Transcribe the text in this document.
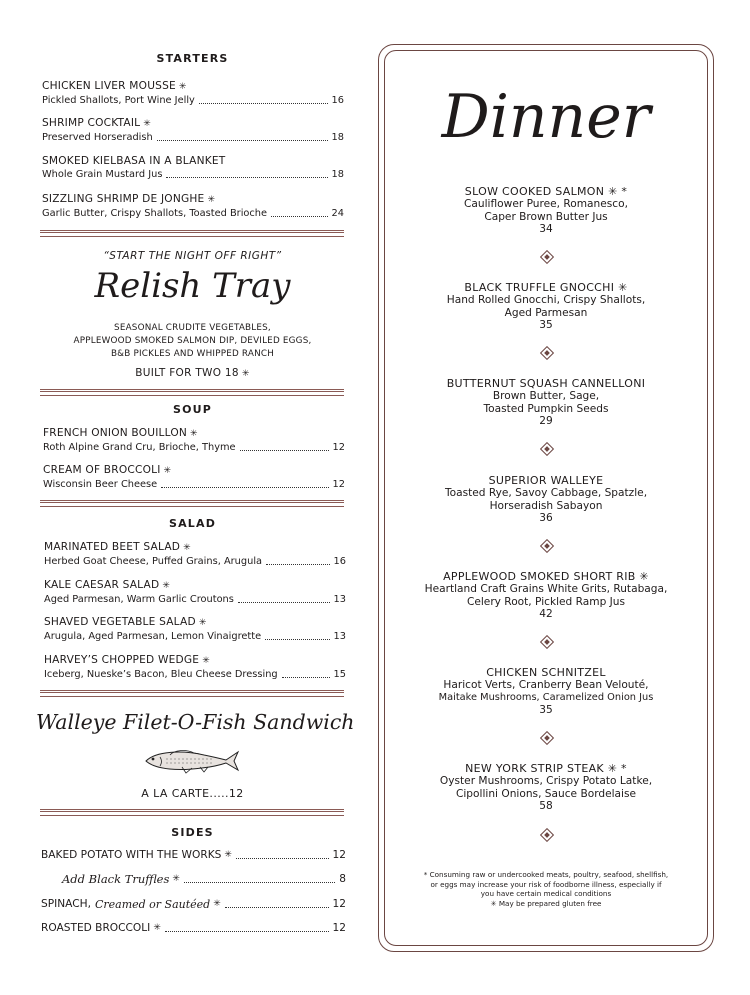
STARTERS
CHICKEN LIVER MOUSSE ✳
Pickled Shallots, Port Wine Jelly	16
SHRIMP COCKTAIL ✳
Preserved Horseradish	18
SMOKED KIELBASA IN A BLANKET
Whole Grain Mustard Jus	18
SIZZLING SHRIMP DE JONGHE ✳
Garlic Butter, Crispy Shallots, Toasted Brioche	24
“START THE NIGHT OFF RIGHT”
Relish Tray
SEASONAL CRUDITE VEGETABLES,
APPLEWOOD SMOKED SALMON DIP, DEVILED EGGS,
B&B PICKLES AND WHIPPED RANCH
BUILT FOR TWO 18 ✳
SOUP
FRENCH ONION BOUILLON ✳
Roth Alpine Grand Cru, Brioche, Thyme	12
CREAM OF BROCCOLI ✳
Wisconsin Beer Cheese	12
SALAD
MARINATED BEET SALAD ✳
Herbed Goat Cheese, Puffed Grains, Arugula	16
KALE CAESAR SALAD ✳
Aged Parmesan, Warm Garlic Croutons	13
SHAVED VEGETABLE SALAD ✳
Arugula, Aged Parmesan, Lemon Vinaigrette	13
HARVEY’S CHOPPED WEDGE ✳
Iceberg, Nueske’s Bacon, Bleu Cheese Dressing	15
Walleye Filet-O-Fish Sandwich
A LA CARTE.....12
SIDES
BAKED POTATO WITH THE WORKS ✳	12
Add Black Truffles ✳	8
SPINACH, Creamed or Sautéed ✳	12
ROASTED BROCCOLI ✳	12
Dinner
SLOW COOKED SALMON ✳ *
Cauliflower Puree, Romanesco,
Caper Brown Butter Jus
34
BLACK TRUFFLE GNOCCHI ✳
Hand Rolled Gnocchi, Crispy Shallots,
Aged Parmesan
35
BUTTERNUT SQUASH CANNELLONI
Brown Butter, Sage,
Toasted Pumpkin Seeds
29
SUPERIOR WALLEYE
Toasted Rye, Savoy Cabbage, Spatzle,
Horseradish Sabayon
36
APPLEWOOD SMOKED SHORT RIB ✳
Heartland Craft Grains White Grits, Rutabaga,
Celery Root, Pickled Ramp Jus
42
CHICKEN SCHNITZEL
Haricot Verts, Cranberry Bean Velouté,
Maitake Mushrooms, Caramelized Onion Jus
35
NEW YORK STRIP STEAK ✳ *
Oyster Mushrooms, Crispy Potato Latke,
Cipollini Onions, Sauce Bordelaise
58
* Consuming raw or undercooked meats, poultry, seafood, shellfish,
or eggs may increase your risk of foodborne illness, especially if
you have certain medical conditions
✳ May be prepared gluten free
